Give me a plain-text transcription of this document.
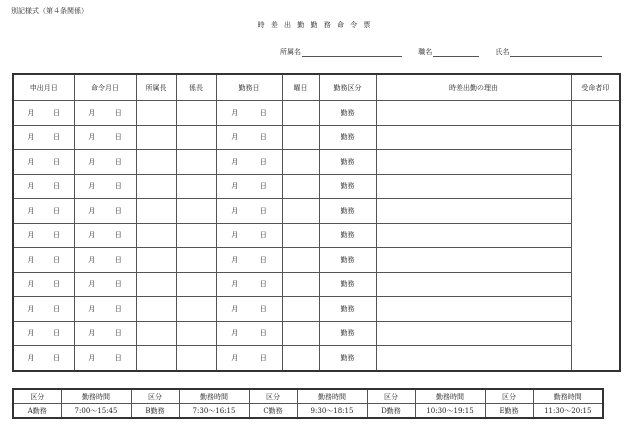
別記様式（第４条関係）
時 差 出 勤 勤 務 命 令 票
所属名	職名	氏名
申出月日	命令月日	所属長	係長	勤務日	曜日	勤務区分	時差出勤の理由	受命者印

月 日	月 日			月 日		勤務		

月 日	月 日			月 日		勤務		

月 日	月 日			月 日		勤務		

月 日	月 日			月 日		勤務		

月 日	月 日			月 日		勤務		

月 日	月 日			月 日		勤務		

月 日	月 日			月 日		勤務		

月 日	月 日			月 日		勤務		

月 日	月 日			月 日		勤務		

月 日	月 日			月 日		勤務		

月 日	月 日			月 日		勤務		
区分	勤務時間	区分	勤務時間	区分	勤務時間	区分	勤務時間	区分	勤務時間
A勤務	7:00〜15:45	B勤務	7:30〜16:15	C勤務	9:30〜18:15	D勤務	10:30〜19:15	E勤務	11:30〜20:15
